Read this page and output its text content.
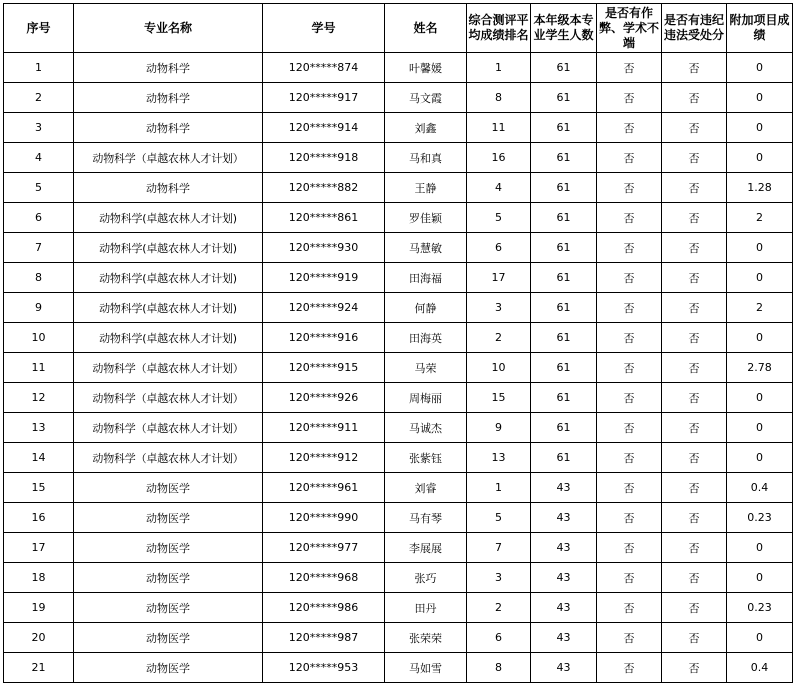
序号	专业名称	学号	姓名	综合测评平均成绩排名	本年级本专业学生人数	是否有作弊、学术不端	是否有违纪违法受处分	附加项目成绩
1	动物科学	120*****874	叶馨媛	1	61	否	否	0
2	动物科学	120*****917	马文霞	8	61	否	否	0
3	动物科学	120*****914	刘鑫	11	61	否	否	0
4	动物科学（卓越农林人才计划）	120*****918	马和真	16	61	否	否	0
5	动物科学	120*****882	王静	4	61	否	否	1.28
6	动物科学(卓越农林人才计划)	120*****861	罗佳颖	5	61	否	否	2
7	动物科学(卓越农林人才计划)	120*****930	马慧敏	6	61	否	否	0
8	动物科学(卓越农林人才计划)	120*****919	田海福	17	61	否	否	0
9	动物科学(卓越农林人才计划)	120*****924	何静	3	61	否	否	2
10	动物科学(卓越农林人才计划)	120*****916	田海英	2	61	否	否	0
11	动物科学（卓越农林人才计划）	120*****915	马荣	10	61	否	否	2.78
12	动物科学（卓越农林人才计划）	120*****926	周梅丽	15	61	否	否	0
13	动物科学（卓越农林人才计划）	120*****911	马诚杰	9	61	否	否	0
14	动物科学（卓越农林人才计划）	120*****912	张紫钰	13	61	否	否	0
15	动物医学	120*****961	刘睿	1	43	否	否	0.4
16	动物医学	120*****990	马有琴	5	43	否	否	0.23
17	动物医学	120*****977	李展展	7	43	否	否	0
18	动物医学	120*****968	张巧	3	43	否	否	0
19	动物医学	120*****986	田丹	2	43	否	否	0.23
20	动物医学	120*****987	张荣荣	6	43	否	否	0
21	动物医学	120*****953	马如雪	8	43	否	否	0.4
